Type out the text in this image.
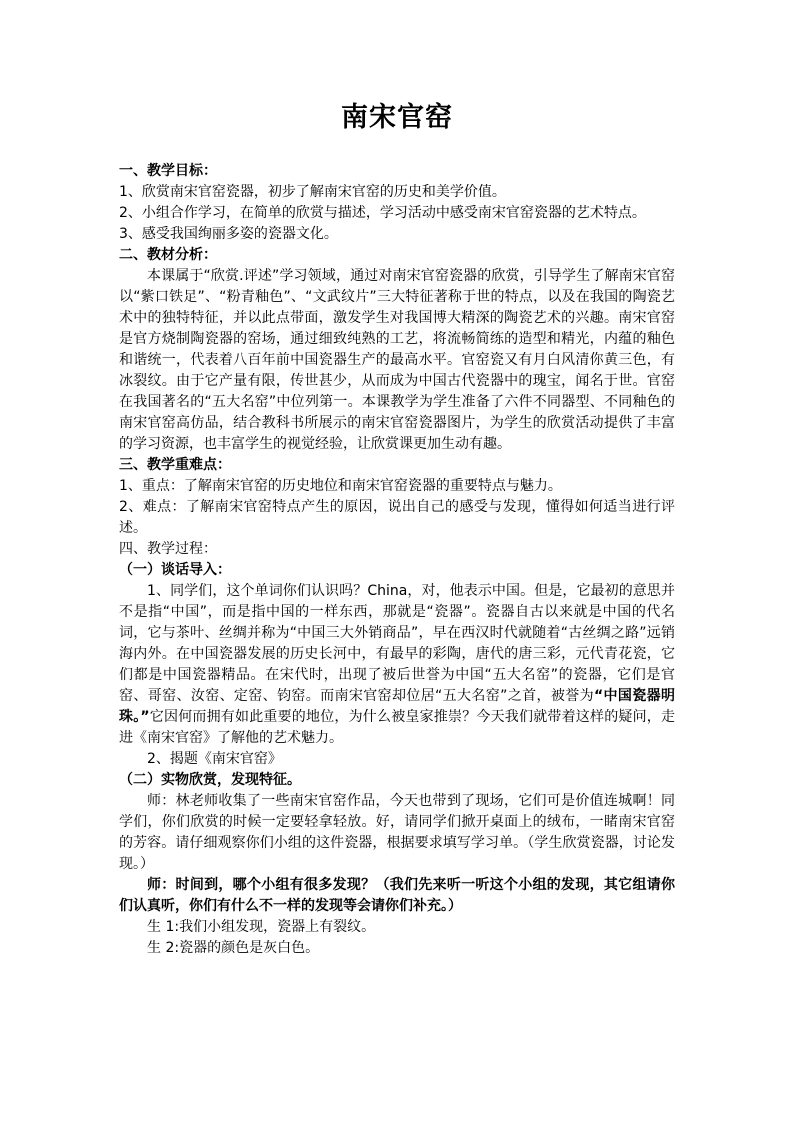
南宋官窑

一、教学目标：

1、欣赏南宋官窑瓷器，初步了解南宋官窑的历史和美学价值。

2、小组合作学习，在简单的欣赏与描述，学习活动中感受南宋官窑瓷器的艺术特点。

3、感受我国绚丽多姿的瓷器文化。

二、教材分析：

本课属于“欣赏.评述”学习领域，通过对南宋官窑瓷器的欣赏，引导学生了解南宋官窑以“紫口铁足”、“粉青釉色”、“文武纹片”三大特征著称于世的特点，以及在我国的陶瓷艺术中的独特特征，并以此点带面，激发学生对我国博大精深的陶瓷艺术的兴趣。南宋官窑是官方烧制陶瓷器的窑场，通过细致纯熟的工艺，将流畅简练的造型和精光，内蕴的釉色和谐统一，代表着八百年前中国瓷器生产的最高水平。官窑瓷又有月白风清你黄三色，有冰裂纹。由于它产量有限，传世甚少，从而成为中国古代瓷器中的瑰宝，闻名于世。官窑在我国著名的“五大名窑”中位列第一。本课教学为学生准备了六件不同器型、不同釉色的南宋官窑高仿品，结合教科书所展示的南宋官窑瓷器图片，为学生的欣赏活动提供了丰富的学习资源，也丰富学生的视觉经验，让欣赏课更加生动有趣。

三、教学重难点：

1、重点：了解南宋官窑的历史地位和南宋官窑瓷器的重要特点与魅力。

2、难点：了解南宋官窑特点产生的原因，说出自己的感受与发现，懂得如何适当进行评述。

四、教学过程：

（一）谈话导入：

1、同学们，这个单词你们认识吗？China，对，他表示中国。但是，它最初的意思并不是指“中国”，而是指中国的一样东西，那就是“瓷器”。瓷器自古以来就是中国的代名词，它与茶叶、丝绸并称为“中国三大外销商品”，早在西汉时代就随着“古丝绸之路”远销海内外。在中国瓷器发展的历史长河中，有最早的彩陶，唐代的唐三彩，元代青花瓷，它们都是中国瓷器精品。在宋代时，出现了被后世誉为中国“五大名窑”的瓷器，它们是官窑、哥窑、汝窑、定窑、钧窑。而南宋官窑却位居“五大名窑”之首，被誉为“中国瓷器明珠。”它因何而拥有如此重要的地位，为什么被皇家推崇？今天我们就带着这样的疑问，走进《南宋官窑》了解他的艺术魅力。

2、揭题《南宋官窑》

（二）实物欣赏，发现特征。

师：林老师收集了一些南宋官窑作品，今天也带到了现场，它们可是价值连城啊！同学们，你们欣赏的时候一定要轻拿轻放。好，请同学们掀开桌面上的绒布，一睹南宋官窑的芳容。请仔细观察你们小组的这件瓷器，根据要求填写学习单。（学生欣赏瓷器，讨论发现。）

师：时间到，哪个小组有很多发现？（我们先来听一听这个小组的发现，其它组请你们认真听，你们有什么不一样的发现等会请你们补充。）

生 1:我们小组发现，瓷器上有裂纹。

生 2:瓷器的颜色是灰白色。
